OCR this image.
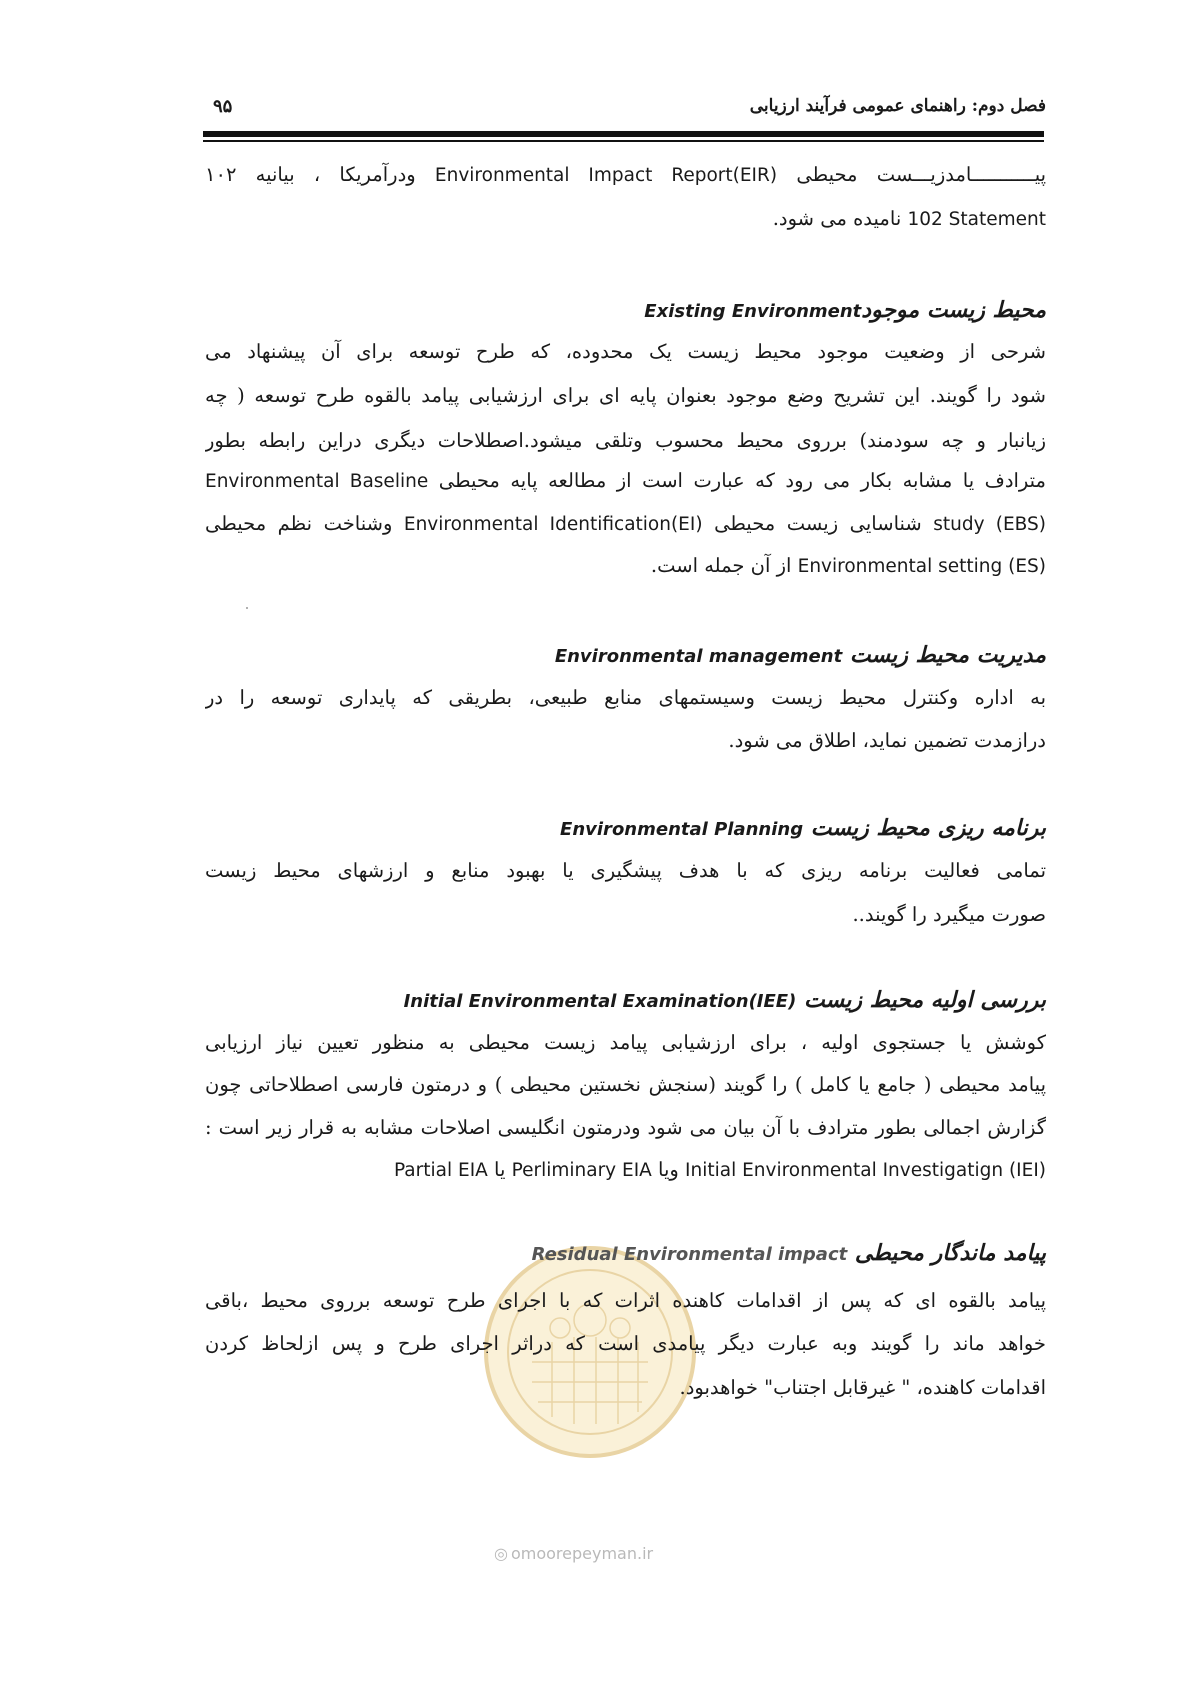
فصل دوم: راهنمای عمومی فرآیند ارزیابی
۹۵
پیـــــــــــامدزیـــست محیطی Environmental Impact Report(EIR) ودرآمریکا ، بیانیه ۱۰۲
102 Statement نامیده می شود.
محیط زیست موجودExisting Environment
شرحی از وضعیت موجود محیط زیست یک محدوده، که طرح توسعه برای آن پیشنهاد می
شود را گویند. این تشریح وضع موجود بعنوان پایه ای برای ارزشیابی پیامد بالقوه طرح توسعه ( چه
زیانبار و چه سودمند) برروی محیط محسوب وتلقی میشود.اصطلاحات دیگری دراین رابطه بطور
مترادف یا مشابه بکار می رود که عبارت است از مطالعه پایه محیطی Environmental Baseline
study (EBS) شناسایی زیست محیطی Environmental Identification(EI) وشناخت نظم محیطی
Environmental setting (ES) از آن جمله است.
مدیریت محیط زیست Environmental management
به اداره وکنترل محیط زیست وسیستمهای منابع طبیعی، بطریقی که پایداری توسعه را در
درازمدت تضمین نماید، اطلاق می شود.
برنامه ریزی محیط زیست Environmental Planning
تمامی فعالیت برنامه ریزی که با هدف پیشگیری یا بهبود منابع و ارزشهای محیط زیست
صورت میگیرد را گویند..
بررسی اولیه محیط زیست Initial Environmental Examination(IEE)
کوشش یا جستجوی اولیه ، برای ارزشیابی پیامد زیست محیطی به منظور تعیین نیاز ارزیابی
پیامد محیطی ( جامع یا کامل ) را گویند (سنجش نخستین محیطی ) و درمتون فارسی اصطلاحاتی چون
گزارش اجمالی بطور مترادف با آن بیان می شود ودرمتون انگلیسی اصلاحات مشابه به قرار زیر است :
Initial Environmental Investigatign (IEI) ویا Perliminary EIA یا Partial EIA
پیامد ماندگار محیطی Residual Environmental impact
پیامد بالقوه ای که پس از اقدامات کاهنده اثرات که با اجرای طرح توسعه برروی محیط ،باقی
خواهد ماند را گویند وبه عبارت دیگر پیامدی است که دراثر اجرای طرح و پس ازلحاظ کردن
اقدامات کاهنده، " غیرقابل اجتناب" خواهدبود.
◎ omoorepeyman.ir
